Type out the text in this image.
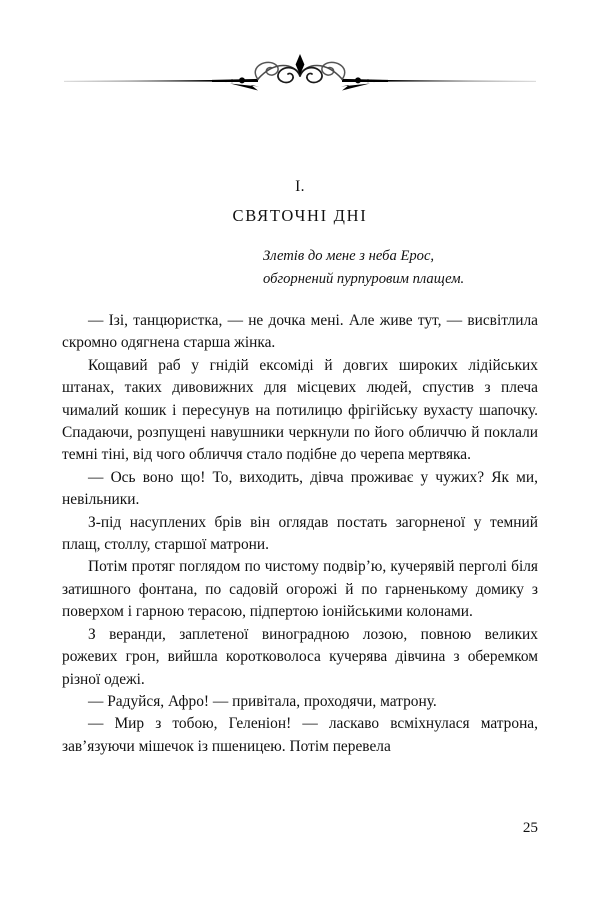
I.
СВЯТОЧНІ ДНІ

Злетів до мене з неба Ерос,

обгорнений пурпуровим плащем.

— Ізі, танцюристка, — не дочка мені. Але живе тут, — висвітлила скромно одягнена старша жінка.

Кощавий раб у гнідій ексоміді й довгих широких лідійських штанах, таких дивовижних для місцевих людей, спустив з плеча чималий кошик і пересунув на потилицю фрігійську вухасту шапочку. Спадаючи, розпущені навушники черкнули по його обличчю й поклали темні тіні, від чого обличчя стало подібне до черепа мертвяка.

— Ось воно що! То, виходить, дівча проживає у чужих? Як ми, невільники.

З-під насуплених брів він оглядав постать загорненої у темний плащ, столлу, старшої матрони.

Потім протяг поглядом по чистому подвір’ю, кучерявій перголі біля затишного фонтана, по садовій огорожі й по гарненькому домику з поверхом і гарною терасою, підпертою іонійськими колонами.

З веранди, заплетеної виноградною лозою, повною великих рожевих грон, вийшла коротковолоса кучерява дівчина з оберемком різної одежі.

— Радуйся, Афро! — привітала, проходячи, матрону.

— Мир з тобою, Геленіон! — ласкаво всміхнулася матрона, зав’язуючи мішечок із пшеницею. Потім перевела

25
